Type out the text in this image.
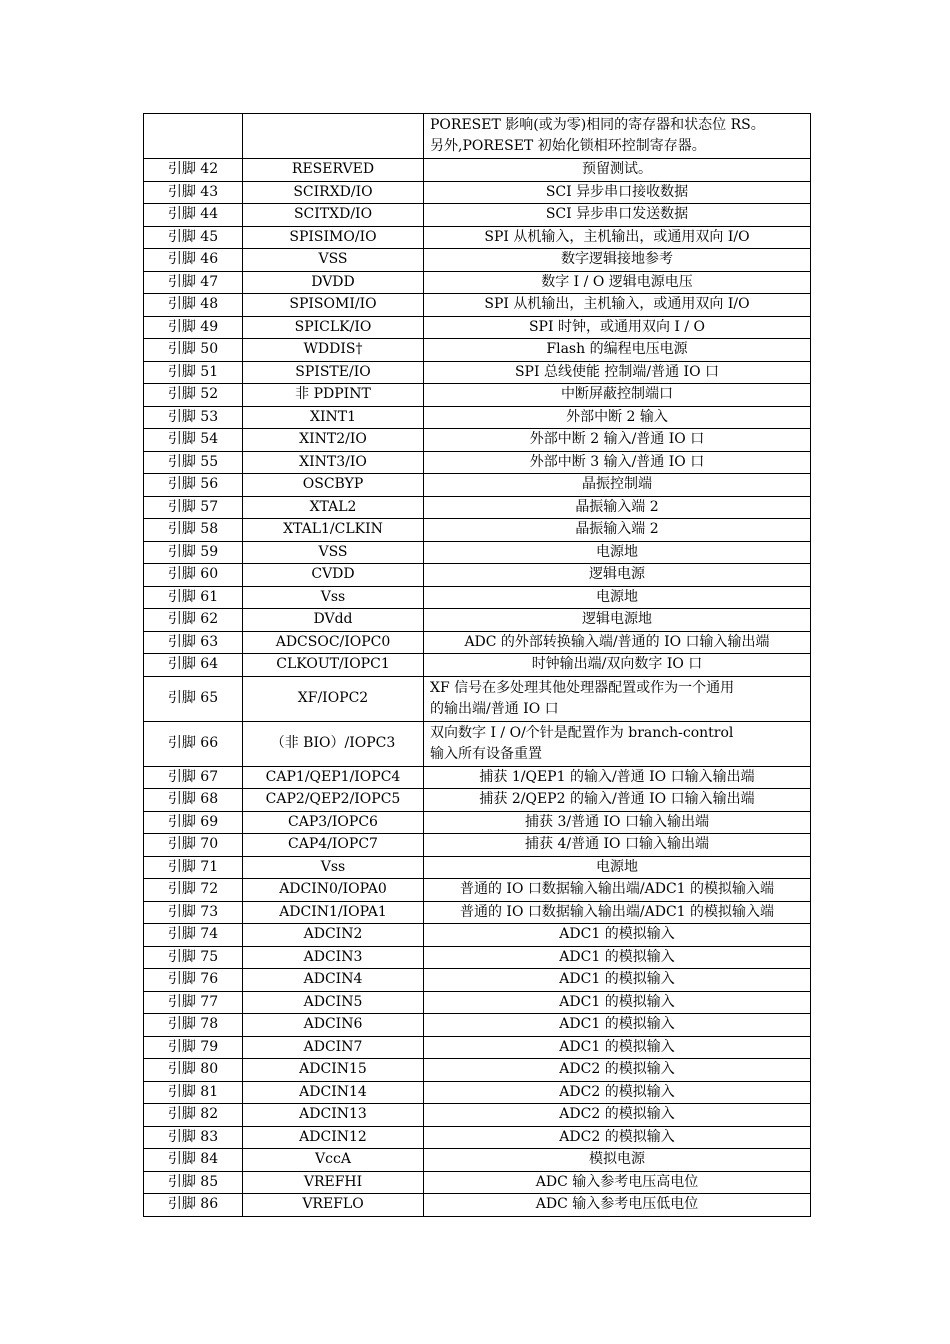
		PORESET 影响(或为零)相同的寄存器和状态位 RS。
另外,PORESET 初始化锁相环控制寄存器。

引脚 42	RESERVED	预留测试。
引脚 43	SCIRXD/IO	SCI 异步串口接收数据
引脚 44	SCITXD/IO	SCI 异步串口发送数据
引脚 45	SPISIMO/IO	SPI 从机输入，主机输出，或通用双向 I/O
引脚 46	VSS	数字逻辑接地参考
引脚 47	DVDD	数字 I / O 逻辑电源电压
引脚 48	SPISOMI/IO	SPI 从机输出，主机输入，或通用双向 I/O
引脚 49	SPICLK/IO	SPI 时钟，或通用双向 I / O
引脚 50	WDDIS†	Flash 的编程电压电源
引脚 51	SPISTE/IO	SPI 总线使能 控制端/普通 IO 口
引脚 52	非 PDPINT	中断屏蔽控制端口
引脚 53	XINT1	外部中断 2 输入
引脚 54	XINT2/IO	外部中断 2 输入/普通 IO 口
引脚 55	XINT3/IO	外部中断 3 输入/普通 IO 口
引脚 56	OSCBYP	晶振控制端
引脚 57	XTAL2	晶振输入端 2
引脚 58	XTAL1/CLKIN	晶振输入端 2
引脚 59	VSS	电源地
引脚 60	CVDD	逻辑电源
引脚 61	Vss	电源地
引脚 62	DVdd	逻辑电源地
引脚 63	ADCSOC/IOPC0	ADC 的外部转换输入端/普通的 IO 口输入输出端
引脚 64	CLKOUT/IOPC1	时钟输出端/双向数字 IO 口
引脚 65	XF/IOPC2	XF 信号在多处理其他处理器配置或作为一个通用
的输出端/普通 IO 口

引脚 66	（非 BIO）/IOPC3	双向数字 I / O/个针是配置作为 branch-control
输入所有设备重置

引脚 67	CAP1/QEP1/IOPC4	捕获 1/QEP1 的输入/普通 IO 口输入输出端
引脚 68	CAP2/QEP2/IOPC5	捕获 2/QEP2 的输入/普通 IO 口输入输出端
引脚 69	CAP3/IOPC6	捕获 3/普通 IO 口输入输出端
引脚 70	CAP4/IOPC7	捕获 4/普通 IO 口输入输出端
引脚 71	Vss	电源地
引脚 72	ADCIN0/IOPA0	普通的 IO 口数据输入输出端/ADC1 的模拟输入端
引脚 73	ADCIN1/IOPA1	普通的 IO 口数据输入输出端/ADC1 的模拟输入端
引脚 74	ADCIN2	ADC1 的模拟输入
引脚 75	ADCIN3	ADC1 的模拟输入
引脚 76	ADCIN4	ADC1 的模拟输入
引脚 77	ADCIN5	ADC1 的模拟输入
引脚 78	ADCIN6	ADC1 的模拟输入
引脚 79	ADCIN7	ADC1 的模拟输入
引脚 80	ADCIN15	ADC2 的模拟输入
引脚 81	ADCIN14	ADC2 的模拟输入
引脚 82	ADCIN13	ADC2 的模拟输入
引脚 83	ADCIN12	ADC2 的模拟输入
引脚 84	VccA	模拟电源
引脚 85	VREFHI	ADC 输入参考电压高电位
引脚 86	VREFLO	ADC 输入参考电压低电位
